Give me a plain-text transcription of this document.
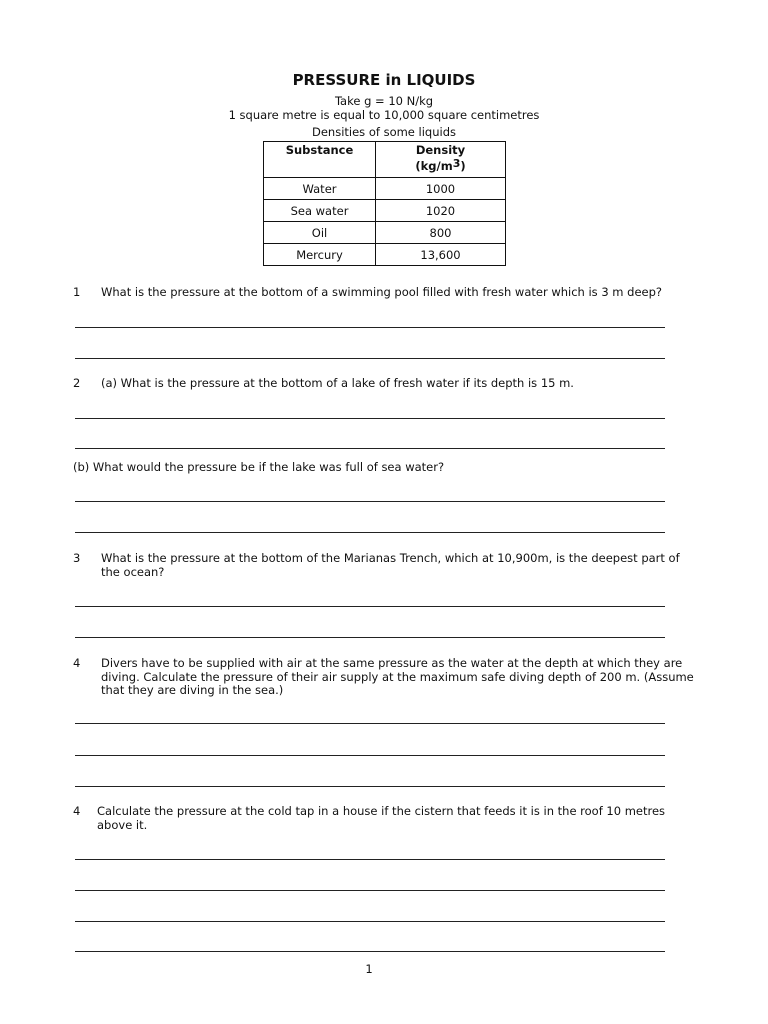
PRESSURE in LIQUIDS
Take g = 10 N/kg
1 square metre is equal to 10,000 square centimetres
Densities of some liquids
Substance	Density
$(kg/m^3)$
Water	1000
Sea water	1020
Oil	800
Mercury	13,600
1 What is the pressure at the bottom of a swimming pool filled with fresh water which is 3 m deep?
2 (a) What is the pressure at the bottom of a lake of fresh water if its depth is 15 m.
(b) What would the pressure be if the lake was full of sea water?
3 What is the pressure at the bottom of the Marianas Trench, which at 10,900m, is the deepest part of the ocean?
4 Divers have to be supplied with air at the same pressure as the water at the depth at which they are diving. Calculate the pressure of their air supply at the maximum safe diving depth of 200 m. (Assume that they are diving in the sea.)
4 Calculate the pressure at the cold tap in a house if the cistern that feeds it is in the roof 10 metres above it.
1
